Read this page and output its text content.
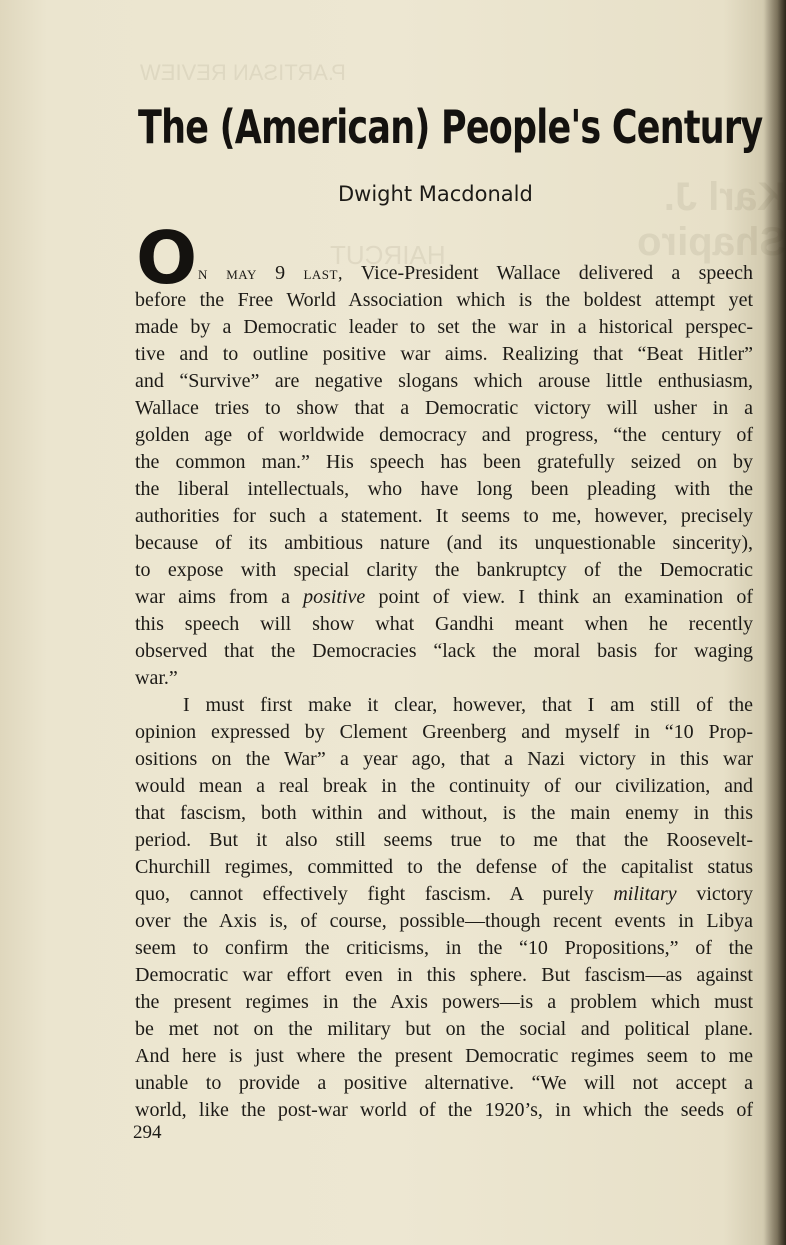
Karl J. Shapiro
HAIRCUT
P.ARTISAN REVIEW
The (American) People's Century
Dwight Macdonald
O n may 9 last, Vice-President Wallace delivered a speech
before the Free World Association which is the boldest attempt yet
made by a Democratic leader to set the war in a historical perspec-
tive and to outline positive war aims. Realizing that “Beat Hitler”
and “Survive” are negative slogans which arouse little enthusiasm,
Wallace tries to show that a Democratic victory will usher in a
golden age of worldwide democracy and progress, “the century of
the common man.” His speech has been gratefully seized on by
the liberal intellectuals, who have long been pleading with the
authorities for such a statement. It seems to me, however, precisely
because of its ambitious nature (and its unquestionable sincerity),
to expose with special clarity the bankruptcy of the Democratic
war aims from a positive point of view. I think an examination of
this speech will show what Gandhi meant when he recently
observed that the Democracies “lack the moral basis for waging
war.”
I must first make it clear, however, that I am still of the
opinion expressed by Clement Greenberg and myself in “10 Prop-
ositions on the War” a year ago, that a Nazi victory in this war
would mean a real break in the continuity of our civilization, and
that fascism, both within and without, is the main enemy in this
period. But it also still seems true to me that the Roosevelt-
Churchill regimes, committed to the defense of the capitalist status
quo, cannot effectively fight fascism. A purely military victory
over the Axis is, of course, possible—though recent events in Libya
seem to confirm the criticisms, in the “10 Propositions,” of the
Democratic war effort even in this sphere. But fascism—as against
the present regimes in the Axis powers—is a problem which must
be met not on the military but on the social and political plane.
And here is just where the present Democratic regimes seem to me
unable to provide a positive alternative. “We will not accept a
world, like the post-war world of the 1920’s, in which the seeds of
294
